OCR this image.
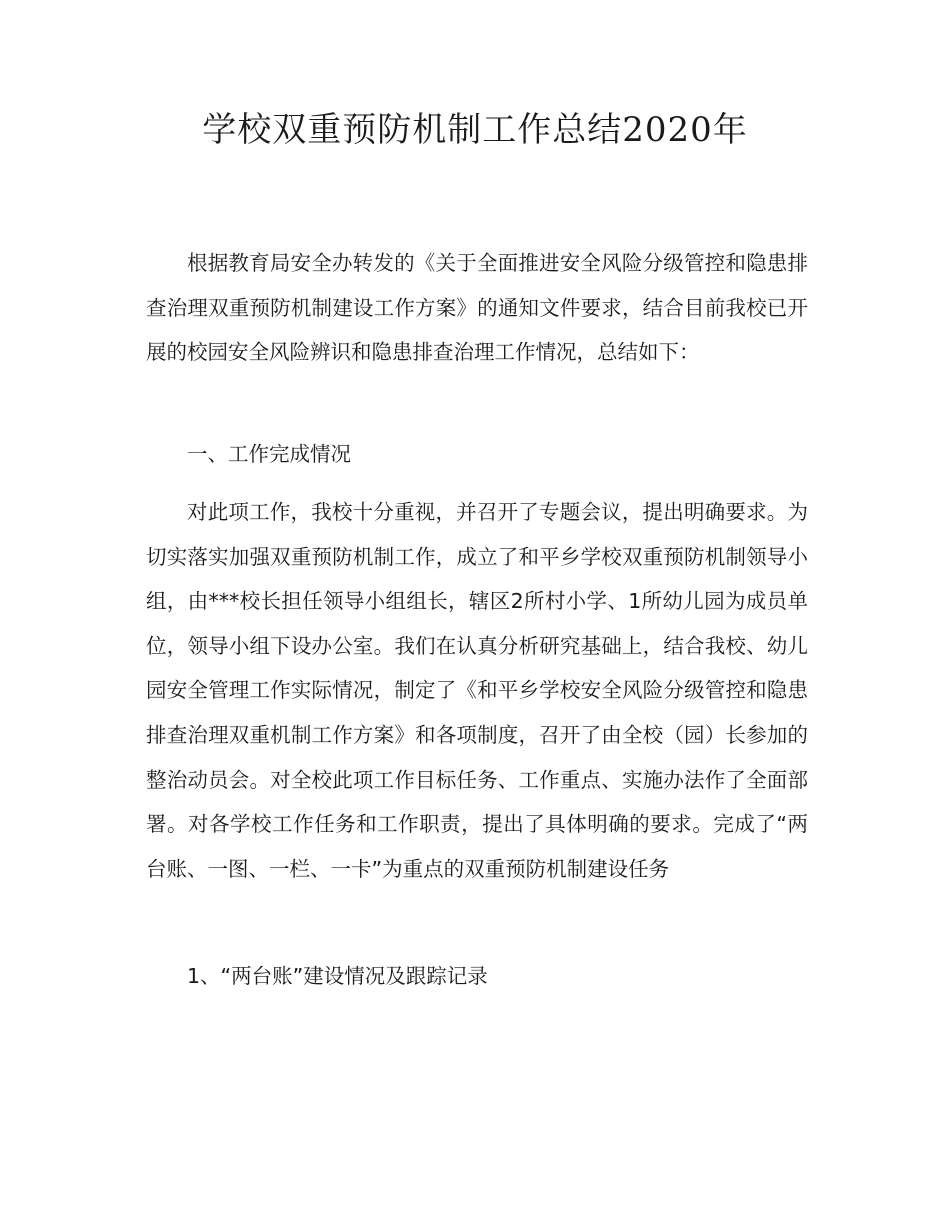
学校双重预防机制工作总结2020年

根据教育局安全办转发的《关于全面推进安全风险分级管控和隐患排查治理双重预防机制建设工作方案》的通知文件要求，结合目前我校已开展的校园安全风险辨识和隐患排查治理工作情况，总结如下：

一、工作完成情况

对此项工作，我校十分重视，并召开了专题会议，提出明确要求。为切实落实加强双重预防机制工作，成立了和平乡学校双重预防机制领导小组，由***校长担任领导小组组长，辖区2所村小学、1所幼儿园为成员单位，领导小组下设办公室。我们在认真分析研究基础上，结合我校、幼儿园安全管理工作实际情况，制定了《和平乡学校安全风险分级管控和隐患排查治理双重机制工作方案》和各项制度，召开了由全校（园）长参加的整治动员会。对全校此项工作目标任务、工作重点、实施办法作了全面部署。对各学校工作任务和工作职责，提出了具体明确的要求。完成了“两台账、一图、一栏、一卡”为重点的双重预防机制建设任务

1、“两台账”建设情况及跟踪记录
